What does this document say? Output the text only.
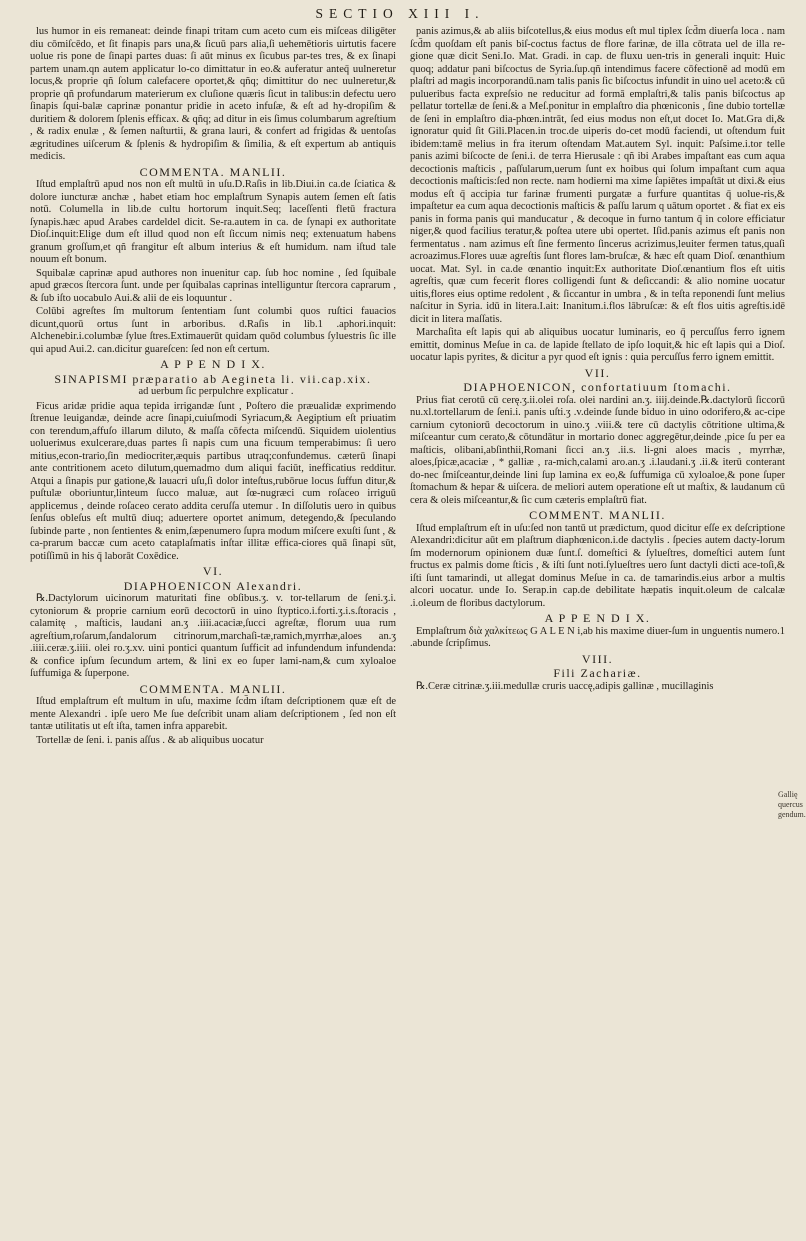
SECTIO XIII I.

lus humor in eis remaneat: deinde finapi tritam cum aceto cum eis miſceas diligēter diu cōmiſcēdo, et ſit finapis pars una,& ſicuū pars alia,ſi uehemētioris uirtutis facere uolue ris pone de ſinapi partes duas: ſi aūt minus ex ſicubus par-tes tres, & ex ſinapi partem unam.qn autem applicatur lo-co dimittatur in eo.& auferatur anteq̄ uulneretur locus,& proprie qñ ſolum calefacere oportet,& qñq; dimittitur do nec uulneretur,& proprie qñ profundarum materierum ex cluſione quæris ſicut in talibus:in defectu uero ſinapis ſqui-balæ caprinæ ponantur pridie in aceto infuſæ, & eſt ad hy-dropiſim & duritiem & dolorem ſplenis efficax. & qñq; ad ditur in eis ſimus columbarum agreſtium , & radix enulæ , & ſemen naſturtii, & grana lauri, & confert ad frigidas & uentoſas ægritudines uiſcerum & ſplenis & hydropiſim & ſimilia, & eſt expertum ab antiquis medicis.

COMMENTA. MANLII.

Iſtud emplaſtrū apud nos non eſt multū in uſu.D.Raſis in lib.Diui.in ca.de ſciatica & dolore iuncturæ anchæ , habet etiam hoc emplaſtrum Synapis autem ſemen eſt ſatis notū. Columella in lib.de cultu hortorum inquit.Seq; laceſſenti fletū fractura ſynapis.hæc apud Arabes cardeldel dicit. Se-ra.autem in ca. de ſynapi ex authoritate Dioſ.inquit:Elige dum eſt illud quod non eſt ſiccum nimis neq; extenuatum habens granum groſſum,et qñ frangitur eſt album interius & eſt humidum. nam iſtud tale nouum eſt bonum.

Squibalæ caprinæ apud authores non inuenitur cap. ſub hoc nomine , ſed ſquibale apud græcos ſtercora ſunt. unde per ſquibalas caprinas intelliguntur ſtercora caprarum , & ſub iſto uocabulo Aui.& alii de eis loquuntur .

Colūbi agreſtes ſm multorum ſententiam ſunt columbi quos ruſtici fauacios dicunt,quorū ortus ſunt in arboribus. d.Raſis in lib.1 .aphori.inquit: Alchenebir.i.columbæ ſylue ſtres.Extimauerūt quidam quōd columbus ſyluestris ſic ille qui apud Aui.2. can.dicitur guareſcen: ſed non eſt certum.

A P P E N D I X.
SINAPISMI præparatio ab Aegineta li. vii.cap.xix.

ad uerbum ſic perpulchre explicatur .

Ficus aridæ pridie aqua tepida irrigandæ ſunt , Poſtero die præualidæ exprimendo ſtrenue leuigandæ, deinde acre ſinapi,cuiuſmodi Syriacum,& Aegiptium eſt priuatim con terendum,affuſo illarum diluto, & maſſa cōfecta miſcendū. Siquidem uiolentius uolueriмus exulcerare,duas partes ſi napis cum una ficuum temperabimus: ſi uero mitius,econ-trario,ſin mediocriter,æquis partibus utraq;confundemus. cæterū ſinapi ante contritionem aceto dilutum,quemadmo dum aliqui faciūt, inefficatius redditur. Atqui a ſinapis pur gatione,& lauacri uſu,ſi dolor inteſtus,rubōrue locus ſuffun ditur,& puſtulæ oboriuntur,linteum ſucco maluæ, aut ſœ-nugræci cum roſaceo irriguū applicemus , deinde roſaceo cerato addita ceruſſa utemur . In diſſolutis uero in quibus ſenſus obleſus eſt multū diuq; aduertere oportet animum, detegendo,& ſpeculando ſubinde parte , non ſentientes & enim,ſæpenumero ſupra modum miſcere exuſti ſunt , & ca-prarum baccæ cum aceto cataplaſmatis inſtar illitæ effica-ciores quā ſinapi sūt, potiſſimū in his q̄ laborāt Coxēdice.

VI.
DIAPHOENICON Alexandri.

℞.Dactylorum uicinorum maturitati fine obſibus.ʒ. v. tor-tellarum de ſeni.ʒ.i. cytoniorum & proprie carnium eorū decoctorū in uino ſtyptico.i.forti.ʒ.i.s.ſtoracis , calamitę , maſticis, laudani an.ʒ .iiii.acaciæ,ſucci agreſtæ, florum uua rum agreſtium,roſarum,ſandalorum citrinorum,marchaſi-tæ,ramich,myrrhæ,aloes an.ʒ .iiii.ceræ.ʒ.iiii. olei ro.ʒ.xv. uini pontici quantum ſufficit ad infundendum infundenda: & confice ipſum ſecundum artem, & lini ex eo ſuper lami-nam,& cum xyloaloe ſuffumiga & ſuperpone.

COMMENTA. MANLII.

Iſtud emplaſtrum eſt multum in uſu, maxime ſcd̄m iſtam deſcriptionem quæ eſt de mente Alexandri . ipſe uero Me ſue deſcribit unam aliam deſcriptionem , ſed non eſt tantæ utilitatis ut eſt iſta, tamen infra apparebit.

Tortellæ de ſeni. i. panis aſſus . & ab aliquibus uocatur

panis azimus,& ab aliis biſcotellus,& eius modus eſt mul tiplex ſcd̄m diuerſa loca . nam ſcd̄m quoſdam eſt panis biſ-coctus factus de flore farinæ, de illa cōtrata uel de illa re-gione quæ dicit Seni.Io. Mat. Gradi. in cap. de fluxu uen-tris in generali inquit: Huic quoq; addatur pani biſcoctus de Syria.ſup.qñ intendimus facere cōfectionē ad modū em plaſtri ad magis incorporandū.nam talis panis ſic biſcoctus infundit in uino uel aceto:& cū pulueribus facta expreſsio ne reducitur ad formā emplaſtri,& talis panis biſcoctus ap pellatur tortellæ de ſeni.& a Meſ.ponitur in emplaſtro dia phœniconis , ſine dubio tortellæ de ſeni in emplaſtro dia-phœn.intrāt, ſed eius modus non eſt,ut docet Io. Mat.Gra di,& ignoratur quid ſit Gili.Placen.in troc.de uiperis do-cet modū faciendi, ut oſtendum fuit ibidem:tamē melius in fra iterum oſtendam Mat.autem Syl. inquit: Paſsime.i.tor telle panis azimi biſcocte de ſeni.i. de terra Hierusale : qñ ibi Arabes impaſtant eas cum aqua decoctionis maſticis , paſſularum,uerum ſunt ex hoibus qui ſolum impaſtant cum aqua decoctionis maſticis:ſed non recte. nam hodierni ma xime ſapiētes impaſtāt ut dixi.& eius modus eſt q̄ accipia tur farinæ frumenti purgatæ a furfure quantitas q̄ uolue-ris,& impaſtetur ea cum aqua decoctionis maſticis & paſſu larum q uātum oportet . & fiat ex eis panis in forma panis qui manducatur , & decoque in furno tantum q̄ in colore efficiatur niger,& quod facilius teratur,& poſtea utere ubi opertet. Iſid.panis azimus eſt panis non fermentatus . nam azimus eſt ſine fermento ſincerus acrizimus,leuiter fermen tatus,quaſi acroazimus.Flores uuæ agreſtis ſunt flores lam-bruſcæ, & hæc eſt quam Dioſ. œnanthium uocat. Mat. Syl. in ca.de œnantio inquit:Ex authoritate Dioſ.œnantium flos eſt uitis agreſtis, quæ cum fecerit flores colligendi ſunt & deſiccandi: & alio nomine uocatur uitis,flores eius optime redolent , & ſiccantur in umbra , & in teſta reponendi ſunt melius naſcitur in Syria. idū in litera.I.ait: Inanitum.i.flos lābruſcæ: & eſt flos uitis agreſtis.idē dicit in litera maſſatis.

Marchaſita eſt lapis qui ab aliquibus uocatur luminaris, eo q̄ percuſſus ferro ignem emittit, dominus Meſue in ca. de lapide ſtellato de ipſo loquit,& hic eſt lapis qui a Dioſ. uocatur lapis pyrites, & dicitur a pyr quod eſt ignis : quia percuſſus ferro ignem emittit.

VII.
DIAPHOENICON, confortatiuum ſtomachi.

Prius fiat cerotū cū cerę.ʒ.ii.olei roſa. olei nardini an.ʒ. iiij.deinde.℞.dactylorū ſiccorū nu.xl.tortellarum de ſeni.i. panis uſti.ʒ .v.deinde ſunde biduo in uino odorifero,& ac-cipe carnium cytoniorū decoctorum in uino.ʒ .viii.& tere cū dactylis cōtritione ultima,& miſceantur cum cerato,& cōtundātur in mortario donec aggregētur,deinde ,pice ſu per ea maſticis, olibani,abſinthii,Romani ſicci an.ʒ .ii.s. li-gni aloes macis , myrrhæ, aloes,ſpicæ,acaciæ , * galliæ , ra-mich,calami aro.an.ʒ .i.laudani.ʒ .ii.& iterū conterant do-nec ſmiſceantur,deinde lini ſup lamina ex eo,& ſuffumiga cū xyloaloe,& pone ſuper ſtomachum & hepar & uiſcera. de meliori autem operatione eſt ut maſtix, & laudanum cū cera & oleis miſceantur,& ſic cum cæteris emplaſtrū fiat.

COMMENT. MANLII.

Iſtud emplaſtrum eſt in uſu:ſed non tantū ut prædictum, quod dicitur eſſe ex deſcriptione Alexandri:dicitur aūt em plaſtrum diaphœnicon.i.de dactylis . ſpecies autem dacty-lorum ſm modernorum opinionem duæ ſunt.ſ. domeſtici & ſylueſtres, domeſtici autem ſunt fructus ex palmis dome ſticis , & iſti ſunt noti.ſylueſtres uero ſunt dactyli dicti ace-toſi,& iſti ſunt tamarindi, ut allegat dominus Meſue in ca. de tamarindis.eius arbor a multis alcori uocatur. unde Io. Serap.in cap.de debilitate hæpatis inquit.oleum de calcalæ .i.oleum de floribus dactylorum.

A P P E N D I X.

Emplaſtrum διὰ χαλκίτεως G A L E N i,ab his maxime diuer-ſum in unguentis numero.1 .abunde ſcripſimus.

VIII.
Fili Zachariæ.

℞.Ceræ citrinæ.ʒ.iii.medullæ cruris uaccę,adipis gallinæ , mucillaginis

Gallię
quercus
gendum.
